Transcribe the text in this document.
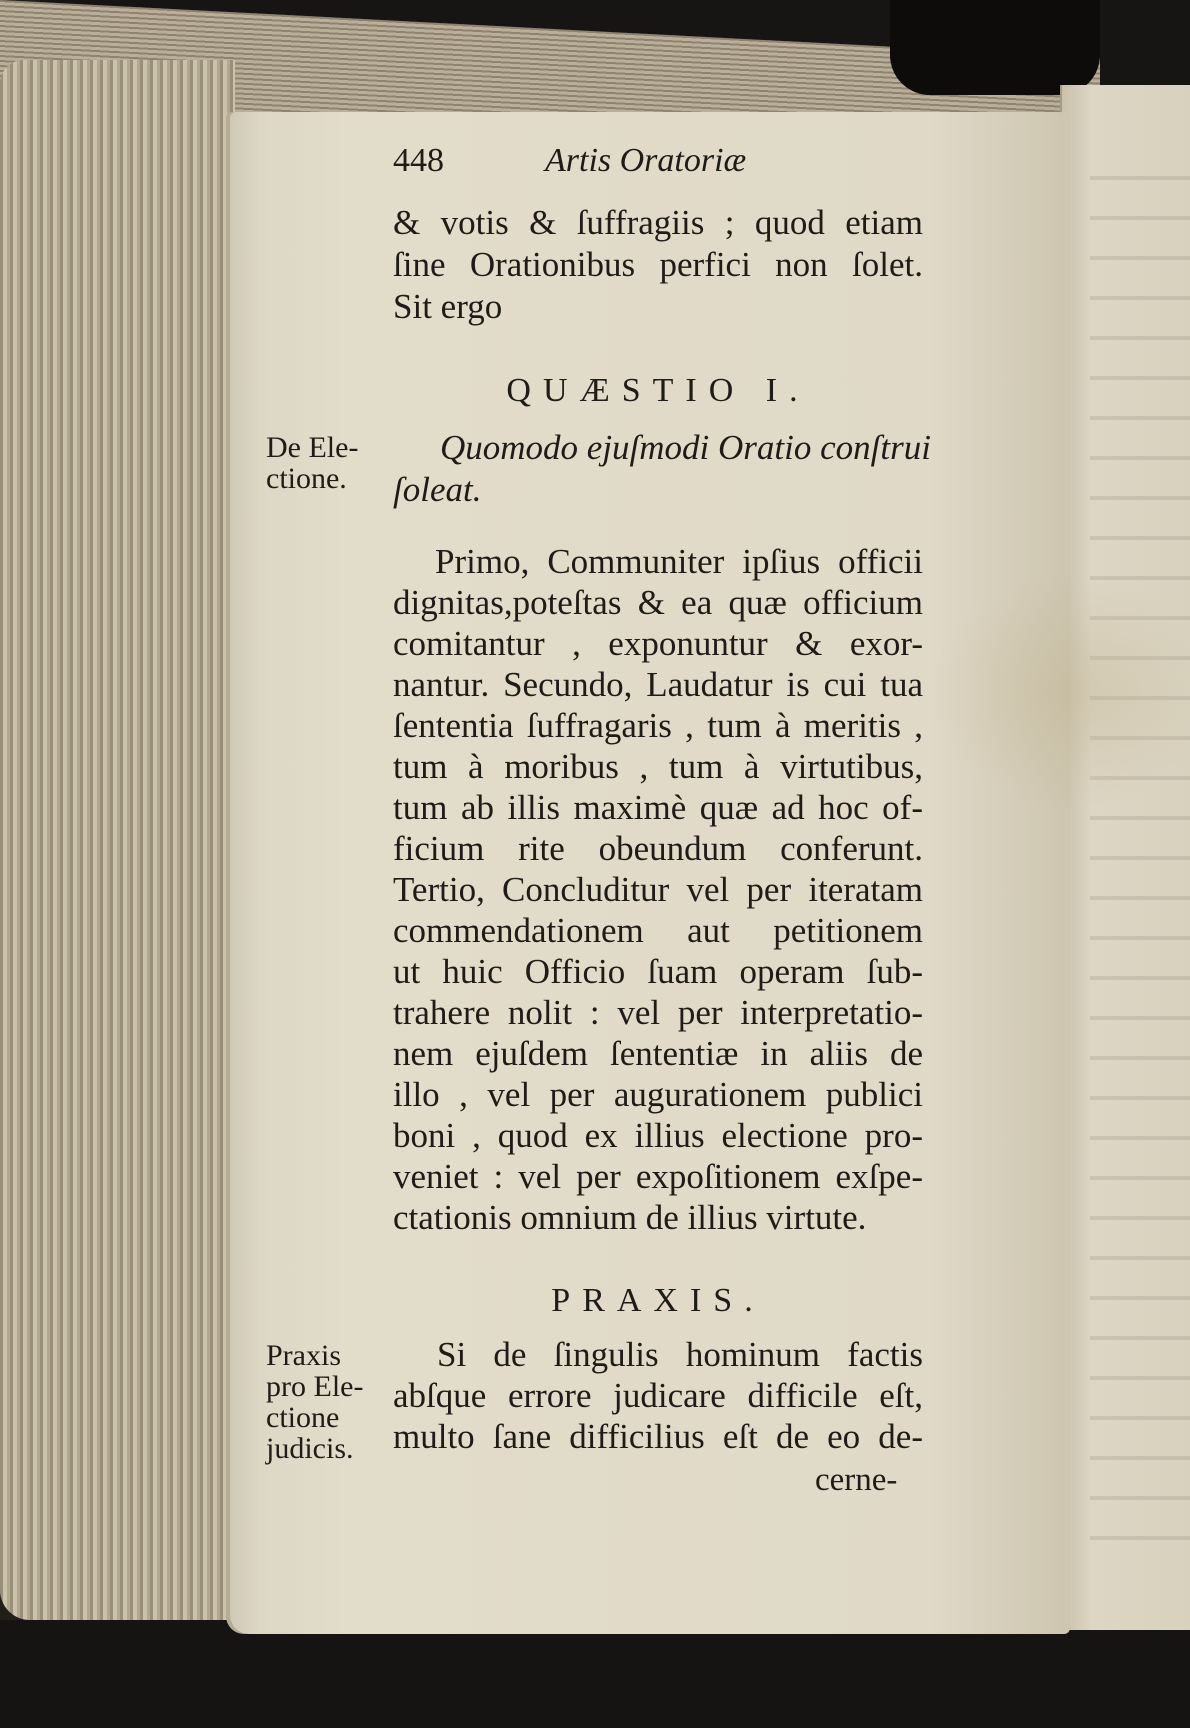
448	Artis Oratoriæ
& votis & ſuffragiis ; quod etiam
ſine Orationibus perfici non ſolet.
Sit ergo
QUÆSTIO I.
De Ele-
ctione.
Quomodo ejuſmodi Oratio conſtrui
ſoleat.
Primo, Communiter ipſius officii
dignitas,poteſtas & ea quæ officium
comitantur , exponuntur & exor-
nantur. Secundo, Laudatur is cui tua
ſententia ſuffragaris , tum à meritis ,
tum à moribus , tum à virtutibus,
tum ab illis maximè quæ ad hoc of-
ficium rite obeundum conferunt.
Tertio, Concluditur vel per iteratam
commendationem aut petitionem
ut huic Officio ſuam operam ſub-
trahere nolit : vel per interpretatio-
nem ejuſdem ſententiæ in aliis de
illo , vel per augurationem publici
boni , quod ex illius electione pro-
veniet : vel per expoſitionem exſpe-
ctationis omnium de illius virtute.
PRAXIS.
Praxis
pro Ele-
ctione
judicis.
Si de ſingulis hominum factis
abſque errore judicare difficile eſt,
multo ſane difficilius eſt de eo de-
cerne-
